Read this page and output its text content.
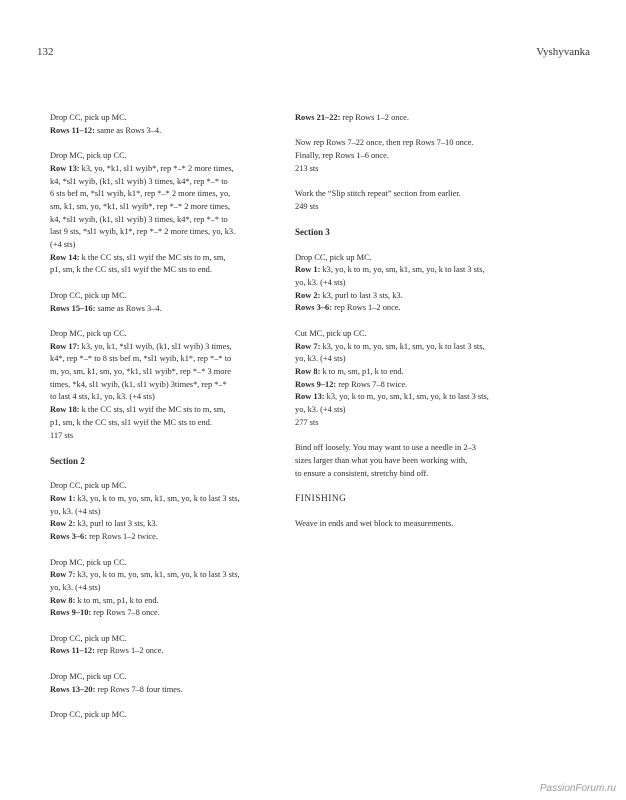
132	Vyshyvanka
Drop CC, pick up MC.
Rows 11–12: same as Rows 3–4.
Drop MC, pick up CC.
Row 13: k3, yo, *k1, sl1 wyib*, rep *–* 2 more times,
k4, *sl1 wyib, (k1, sl1 wyib) 3 times, k4*, rep *–* to
6 sts bef m, *sl1 wyib, k1*, rep *–* 2 more times, yo,
sm, k1, sm, yo, *k1, sl1 wyib*, rep *–* 2 more times,
k4, *sl1 wyib, (k1, sl1 wyib) 3 times, k4*, rep *–* to
last 9 sts, *sl1 wyib, k1*, rep *–* 2 more times, yo, k3.
(+4 sts)
Row 14: k the CC sts, sl1 wyif the MC sts to m, sm,
p1, sm, k the CC sts, sl1 wyif the MC sts to end.
Drop CC, pick up MC.
Rows 15–16: same as Rows 3–4.
Drop MC, pick up CC.
Row 17: k3, yo, k1, *sl1 wyib, (k1, sl1 wyib) 3 times,
k4*, rep *–* to 8 sts bef m, *sl1 wyib, k1*, rep *–* to
m, yo, sm, k1, sm, yo, *k1, sl1 wyib*, rep *–* 3 more
times, *k4, sl1 wyib, (k1, sl1 wyib) 3times*, rep *–*
to last 4 sts, k1, yo, k3. (+4 sts)
Row 18: k the CC sts, sl1 wyif the MC sts to m, sm,
p1, sm, k the CC sts, sl1 wyif the MC sts to end.
117 sts
Section 2
Drop CC, pick up MC.
Row 1: k3, yo, k to m, yo, sm, k1, sm, yo, k to last 3 sts,
yo, k3. (+4 sts)
Row 2: k3, purl to last 3 sts, k3.
Rows 3–6: rep Rows 1–2 twice.
Drop MC, pick up CC.
Row 7: k3, yo, k to m, yo, sm, k1, sm, yo, k to last 3 sts,
yo, k3. (+4 sts)
Row 8: k to m, sm, p1, k to end.
Rows 9–10: rep Rows 7–8 once.
Drop CC, pick up MC.
Rows 11–12: rep Rows 1–2 once.
Drop MC, pick up CC.
Rows 13–20: rep Rows 7–8 four times.
Drop CC, pick up MC.
Rows 21–22: rep Rows 1–2 once.
Now rep Rows 7–22 once, then rep Rows 7–10 once.
Finally, rep Rows 1–6 once.
213 sts
Work the “Slip stitch repeat” section from earlier.
249 sts
Section 3
Drop CC, pick up MC.
Row 1: k3, yo, k to m, yo, sm, k1, sm, yo, k to last 3 sts,
yo, k3. (+4 sts)
Row 2: k3, purl to last 3 sts, k3.
Rows 3–6: rep Rows 1–2 once.
Cut MC, pick up CC.
Row 7: k3, yo, k to m, yo, sm, k1, sm, yo, k to last 3 sts,
yo, k3. (+4 sts)
Row 8: k to m, sm, p1, k to end.
Rows 9–12: rep Rows 7–8 twice.
Row 13: k3, yo, k to m, yo, sm, k1, sm, yo, k to last 3 sts,
yo, k3. (+4 sts)
277 sts
Bind off loosely. You may want to use a needle in 2–3
sizes larger than what you have been working with,
to ensure a consistent, stretchy bind off.
FINISHING
Weave in ends and wet block to measurements.
PassionForum.ru
